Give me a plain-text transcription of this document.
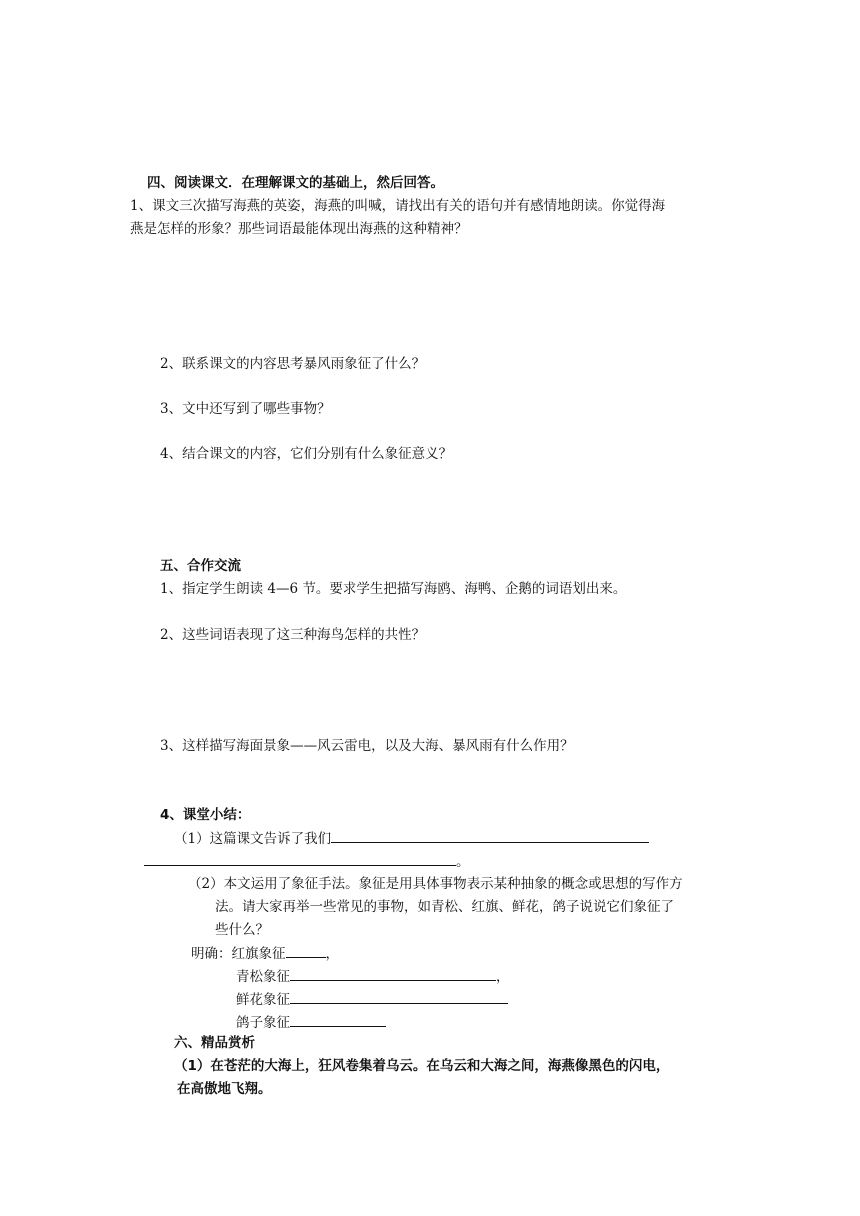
四、阅读课文．在理解课文的基础上，然后回答。
1、课文三次描写海燕的英姿，海燕的叫喊，请找出有关的语句并有感情地朗读。你觉得海
燕是怎样的形象？那些词语最能体现出海燕的这种精神？
2、联系课文的内容思考暴风雨象征了什么？
3、文中还写到了哪些事物？
4、结合课文的内容，它们分别有什么象征意义？
五、合作交流
1、指定学生朗读 4—6 节。要求学生把描写海鸥、海鸭、企鹅的词语划出来。
2、这些词语表现了这三种海鸟怎样的共性？
3、这样描写海面景象——风云雷电，以及大海、暴风雨有什么作用？
4、课堂小结：
（1）这篇课文告诉了我们
。
（2）本文运用了象征手法。象征是用具体事物表示某种抽象的概念或思想的写作方
法。请大家再举一些常见的事物，如青松、红旗、鲜花，鸽子说说它们象征了
些什么？
明确：红旗象征	，
青松象征	，
鲜花象征
鸽子象征
六、精品赏析
（1）在苍茫的大海上，狂风卷集着乌云。在乌云和大海之间，海燕像黑色的闪电，
在高傲地飞翔。
